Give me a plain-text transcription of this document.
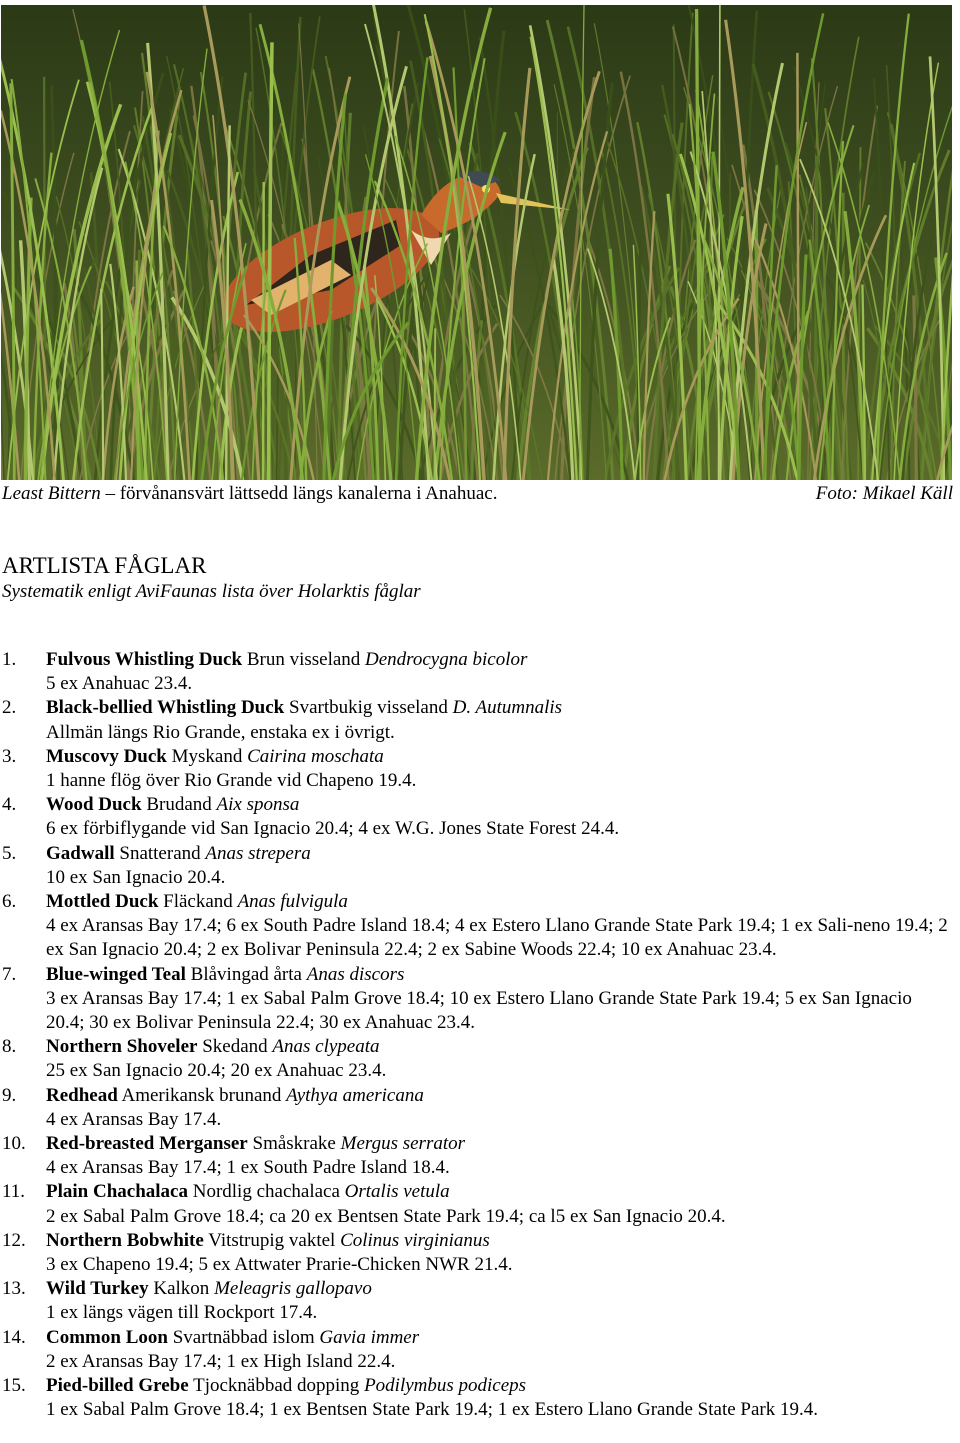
Least Bittern – förvånansvärt lättsedd längs kanalerna i Anahuac.	Foto: Mikael Käll
ARTLISTA FÅGLAR
Systematik enligt AviFaunas lista över Holarktis fåglar
1. Fulvous Whistling Duck Brun visseland Dendrocygna bicolor
5 ex Anahuac 23.4.
2. Black-bellied Whistling Duck Svartbukig visseland D. Autumnalis
Allmän längs Rio Grande, enstaka ex i övrigt.
3. Muscovy Duck Myskand Cairina moschata
1 hanne flög över Rio Grande vid Chapeno 19.4.
4. Wood Duck Brudand Aix sponsa
6 ex förbiflygande vid San Ignacio 20.4; 4 ex W.G. Jones State Forest 24.4.
5. Gadwall Snatterand Anas strepera
10 ex San Ignacio 20.4.
6. Mottled Duck Fläckand Anas fulvigula
4 ex Aransas Bay 17.4; 6 ex South Padre Island 18.4; 4 ex Estero Llano Grande State Park 19.4; 1 ex Sali-neno 19.4; 2 ex San Ignacio 20.4; 2 ex Bolivar Peninsula 22.4; 2 ex Sabine Woods 22.4; 10 ex Anahuac 23.4.
7. Blue-winged Teal Blåvingad årta Anas discors
3 ex Aransas Bay 17.4; 1 ex Sabal Palm Grove 18.4; 10 ex Estero Llano Grande State Park 19.4; 5 ex San Ignacio 20.4; 30 ex Bolivar Peninsula 22.4; 30 ex Anahuac 23.4.
8. Northern Shoveler Skedand Anas clypeata
25 ex San Ignacio 20.4; 20 ex Anahuac 23.4.
9. Redhead Amerikansk brunand Aythya americana
4 ex Aransas Bay 17.4.
10. Red-breasted Merganser Småskrake Mergus serrator
4 ex Aransas Bay 17.4; 1 ex South Padre Island 18.4.
11. Plain Chachalaca Nordlig chachalaca Ortalis vetula
2 ex Sabal Palm Grove 18.4; ca 20 ex Bentsen State Park 19.4; ca l5 ex San Ignacio 20.4.
12. Northern Bobwhite Vitstrupig vaktel Colinus virginianus
3 ex Chapeno 19.4; 5 ex Attwater Prarie-Chicken NWR 21.4.
13. Wild Turkey Kalkon Meleagris gallopavo
1 ex längs vägen till Rockport 17.4.
14. Common Loon Svartnäbbad islom Gavia immer
2 ex Aransas Bay 17.4; 1 ex High Island 22.4.
15. Pied-billed Grebe Tjocknäbbad dopping Podilymbus podiceps
1 ex Sabal Palm Grove 18.4; 1 ex Bentsen State Park 19.4; 1 ex Estero Llano Grande State Park 19.4.
